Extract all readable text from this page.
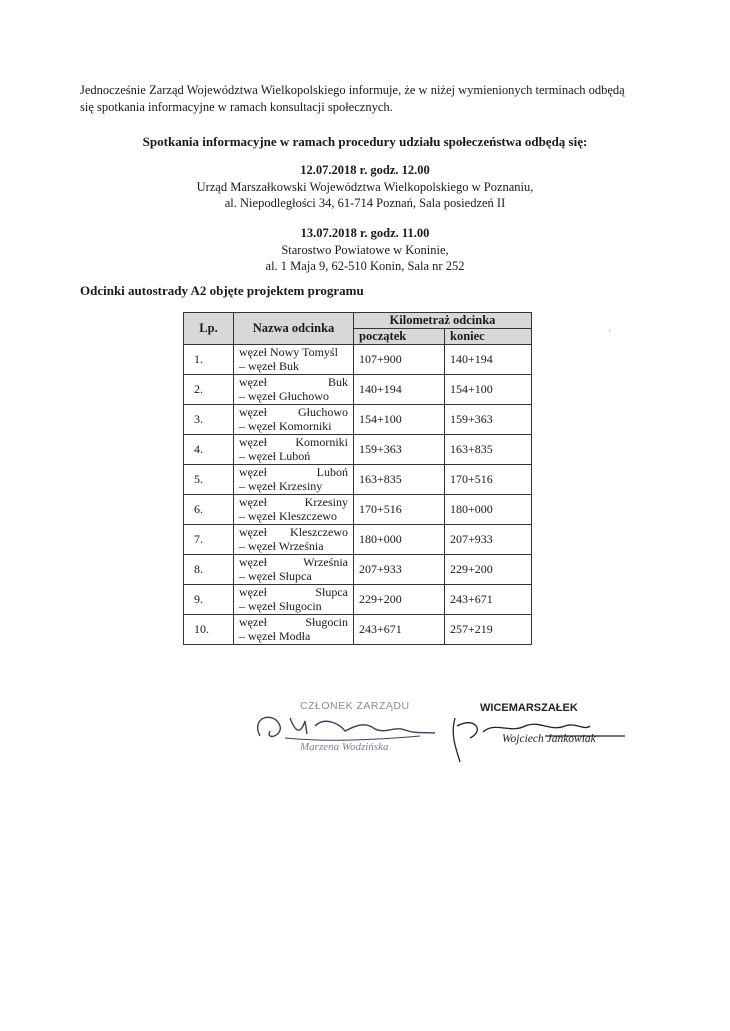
Jednocześnie Zarząd Województwa Wielkopolskiego informuje, że w niżej wymienionych terminach odbędą
się spotkania informacyjne w ramach konsultacji społecznych.
Spotkania informacyjne w ramach procedury udziału społeczeństwa odbędą się:
12.07.2018 r. godz. 12.00
Urząd Marszałkowski Województwa Wielkopolskiego w Poznaniu,
al. Niepodległości 34, 61-714 Poznań, Sala posiedzeń II
13.07.2018 r. godz. 11.00
Starostwo Powiatowe w Koninie,
al. 1 Maja 9, 62-510 Konin, Sala nr 252
Odcinki autostrady A2 objęte projektem programu
Lp.	Nazwa odcinka	Kilometraż odcinka	
		początek	koniec
1.	węzeł Nowy Tomyśl
– węzeł Buk	107+900	140+194
2.	węzeł Buk
– węzeł Głuchowo	140+194	154+100
3.	węzeł Głuchowo
– węzeł Komorniki	154+100	159+363
4.	węzeł Komorniki
– węzeł Luboń	159+363	163+835
5.	węzeł Luboń
– węzeł Krzesiny	163+835	170+516
6.	węzeł Krzesiny
– węzeł Kleszczewo	170+516	180+000
7.	węzeł Kleszczewo
– węzeł Września	180+000	207+933
8.	węzeł Września
– węzeł Słupca	207+933	229+200
9.	węzeł Słupca
– węzeł Sługocin	229+200	243+671
10.	węzeł Sługocin
– węzeł Modła	243+671	257+219
›
CZŁONEK ZARZĄDU
Marzena Wodzińska
WICEMARSZAŁEK
Wojciech Jankowiak
